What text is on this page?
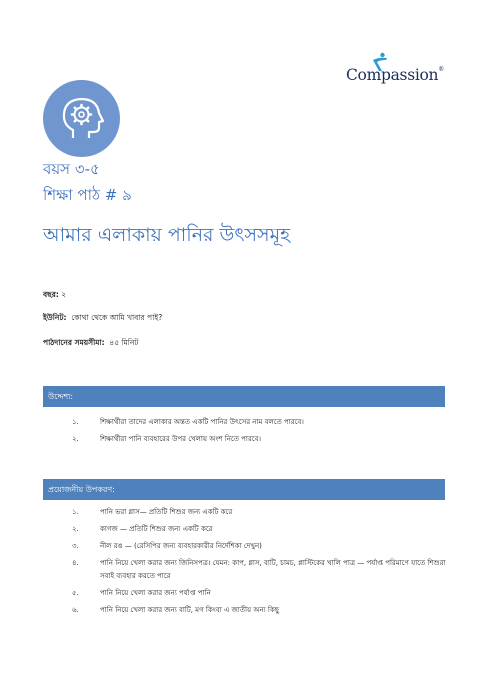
Compassion®
বয়স ৩-৫
শিক্ষা পাঠ # ৯
আমার এলাকায় পানির উৎসসমূহ
বছর: ২
ইউনিট: কোথা থেকে আমি খাবার পাই?
পাঠদানের সময়সীমা: ৪৫ মিনিট
উদ্দেশ্য:
১.	শিক্ষার্থীরা তাদের এলাকার অন্তত একটি পানির উৎসের নাম বলতে পারবে।
২.	শিক্ষার্থীরা পানি ব্যবহারের উপর খেলায় অংশ নিতে পারবে।
প্রয়োজনীয় উপকরণ:
১.	পানি ভরা গ্লাস— প্রতিটি শিশুর জন্য একটি করে
২.	কাগজ — প্রতিটি শিশুর জন্য একটি করে
৩.	নীল রঙ — (রেসিপির জন্য ব্যবহারকারীর নির্দেশিকা দেখুন)
৪.	পানি নিয়ে খেলা করার জন্য জিনিসপত্র। যেমন: কাপ, গ্লাস, বাটি, চামচ, প্লাস্টিকের খালি পাত্র — পর্যাপ্ত পরিমাণে যাতে শিশুরা সবাই ব্যবহার করতে পারে
৫.	পানি নিয়ে খেলা করার জন্য পর্যাপ্ত পানি
৬.	পানি নিয়ে খেলা করার জন্য বাটি, মগ কিংবা এ জাতীয় অন্য কিছু
